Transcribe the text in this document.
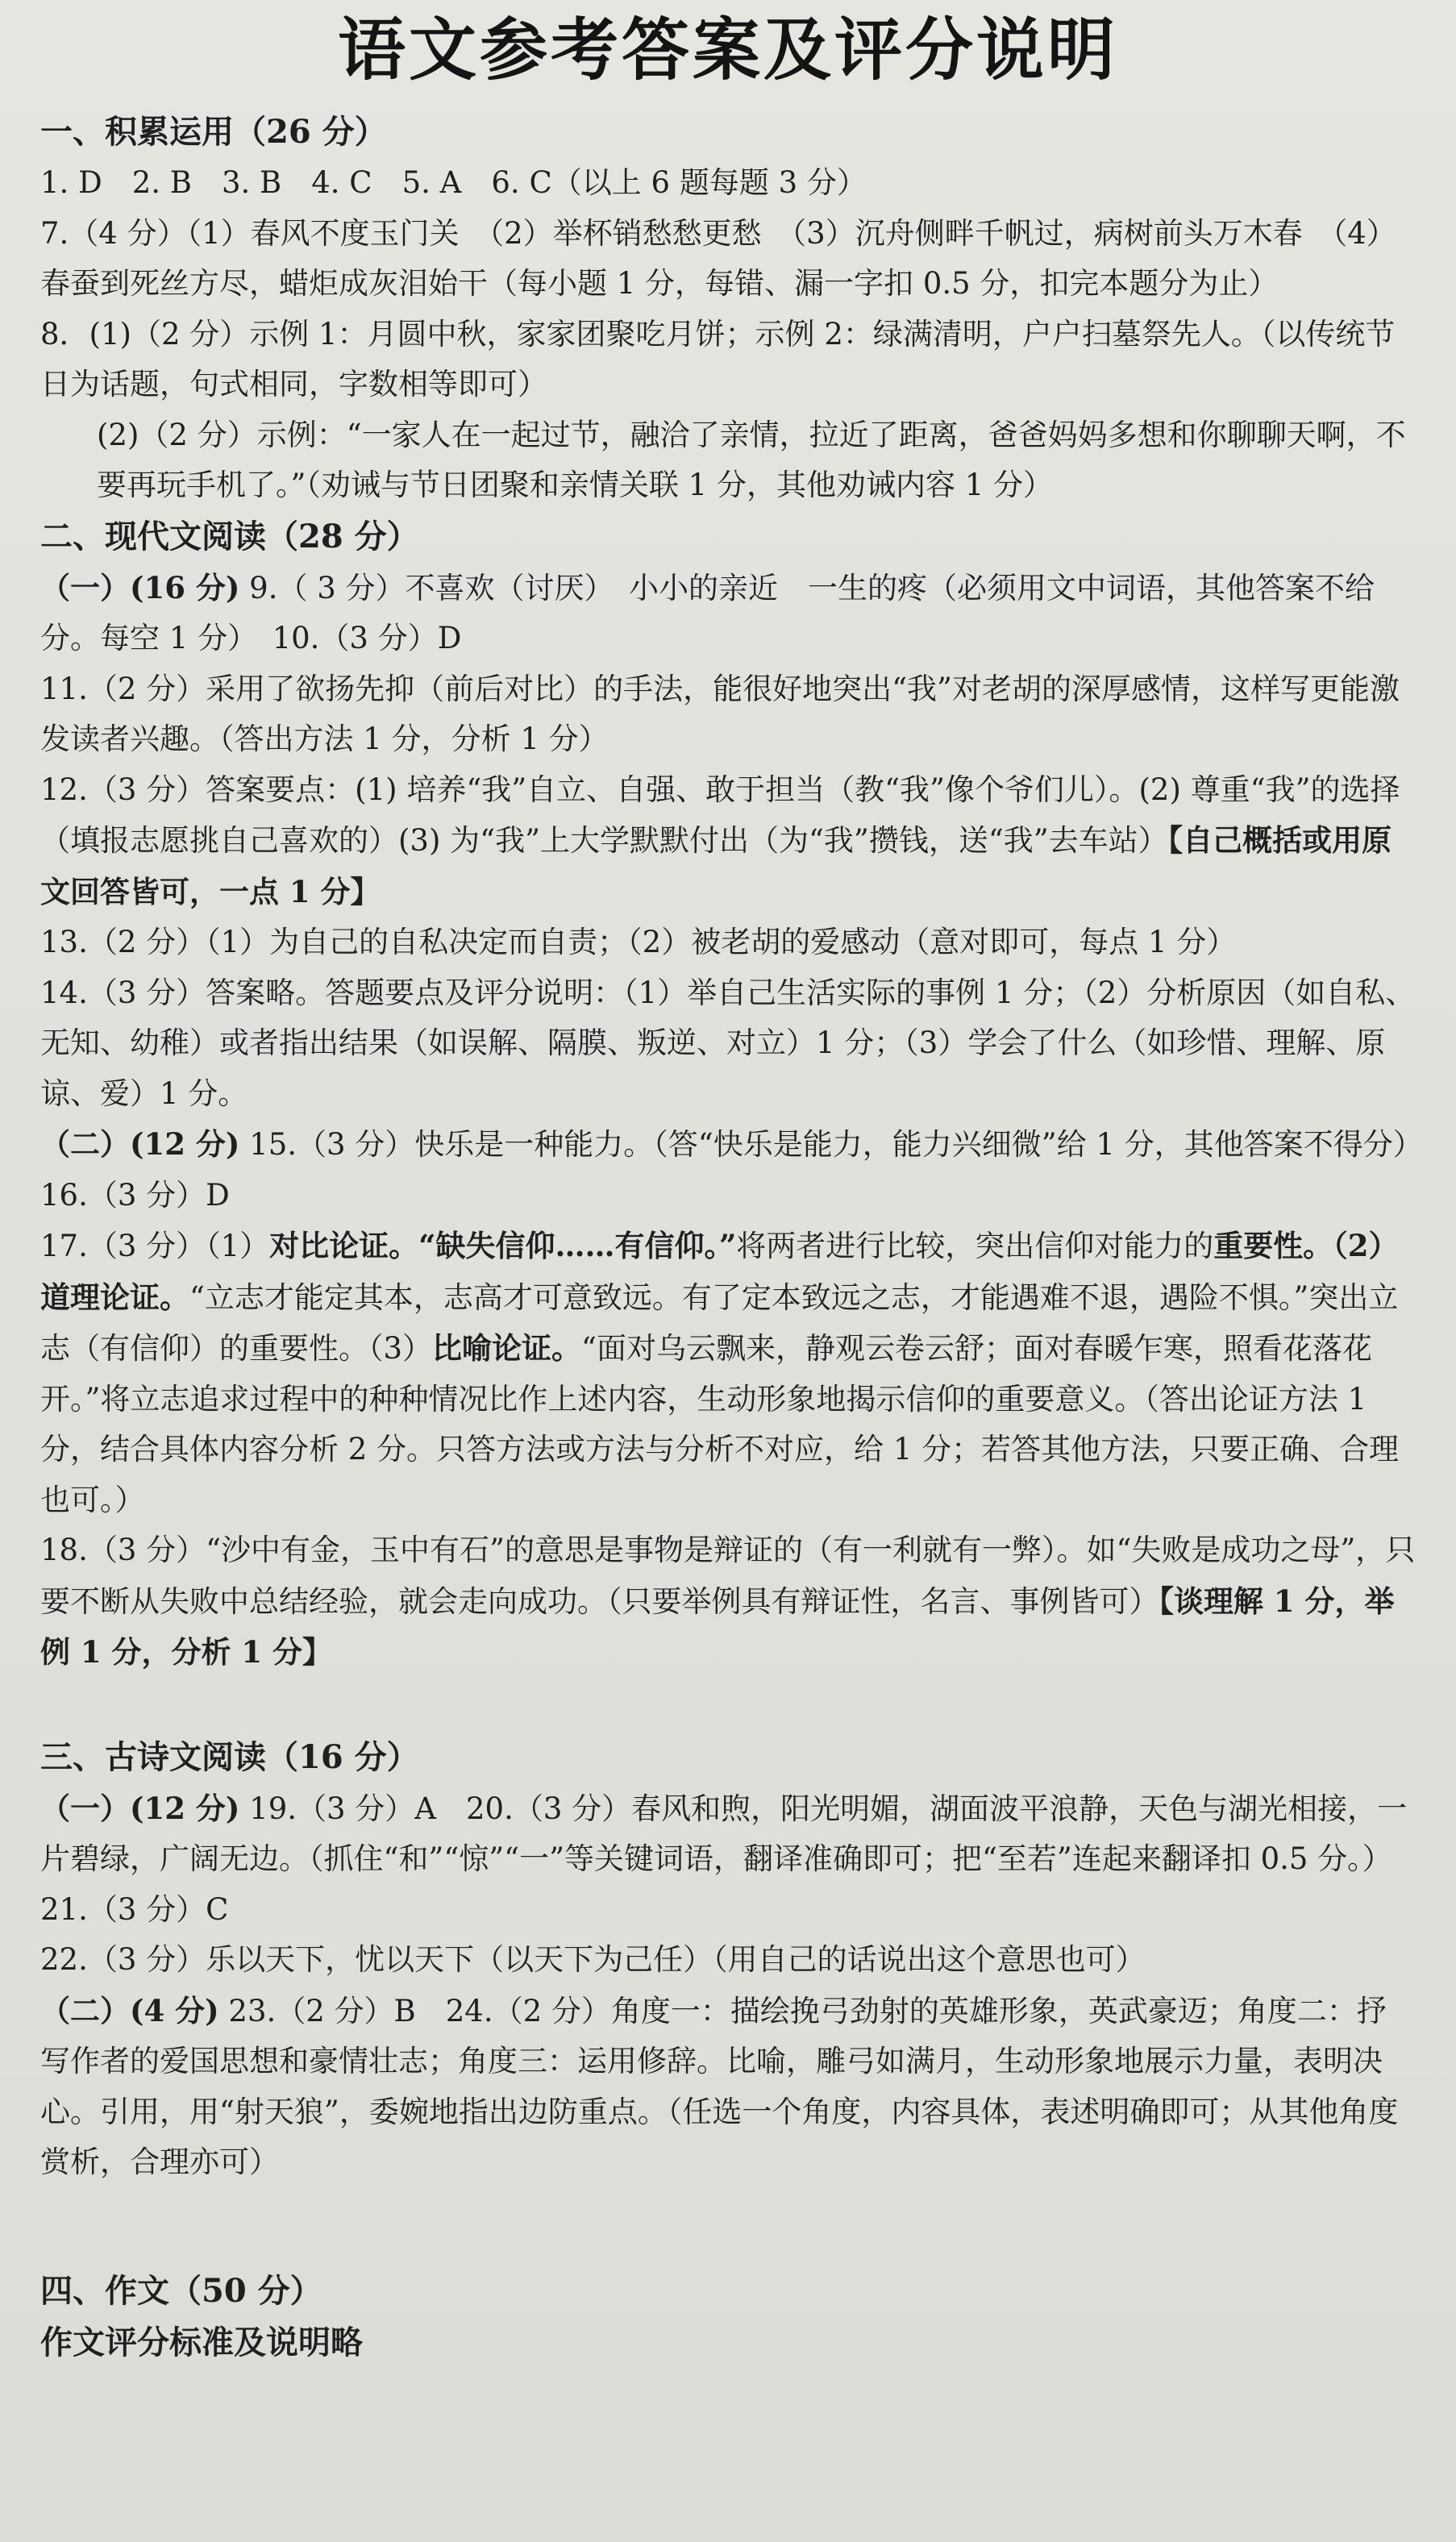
语文参考答案及评分说明

一、积累运用（26 分）

1. D　2. B　3. B　4. C　5. A　6. C（以上 6 题每题 3 分）

7.（4 分）（1）春风不度玉门关　（2）举杯销愁愁更愁　（3）沉舟侧畔千帆过，病树前头万木春　（4）春蚕到死丝方尽，蜡炬成灰泪始干（每小题 1 分，每错、漏一字扣 0.5 分，扣完本题分为止）

8．(1)（2 分）示例 1：月圆中秋，家家团聚吃月饼；示例 2：绿满清明，户户扫墓祭先人。（以传统节日为话题，句式相同，字数相等即可）

(2)（2 分）示例：“一家人在一起过节，融洽了亲情，拉近了距离，爸爸妈妈多想和你聊聊天啊，不要再玩手机了。”（劝诫与节日团聚和亲情关联 1 分，其他劝诫内容 1 分）

二、现代文阅读（28 分）

（一）(16 分) 9.（ 3 分）不喜欢（讨厌）　小小的亲近　一生的疼（必须用文中词语，其他答案不给分。每空 1 分）　10.（3 分）D

11.（2 分）采用了欲扬先抑（前后对比）的手法，能很好地突出“我”对老胡的深厚感情，这样写更能激发读者兴趣。（答出方法 1 分，分析 1 分）

12.（3 分）答案要点：(1) 培养“我”自立、自强、敢于担当（教“我”像个爷们儿）。(2) 尊重“我”的选择（填报志愿挑自己喜欢的）(3) 为“我”上大学默默付出（为“我”攒钱，送“我”去车站）【自己概括或用原文回答皆可，一点 1 分】

13.（2 分）（1）为自己的自私决定而自责；（2）被老胡的爱感动（意对即可，每点 1 分）

14.（3 分）答案略。答题要点及评分说明：（1）举自己生活实际的事例 1 分；（2）分析原因（如自私、无知、幼稚）或者指出结果（如误解、隔膜、叛逆、对立）1 分；（3）学会了什么（如珍惜、理解、原谅、爱）1 分。

（二）(12 分) 15.（3 分）快乐是一种能力。（答“快乐是能力，能力兴细微”给 1 分，其他答案不得分）　16.（3 分）D

17.（3 分）（1）对比论证。“缺失信仰……有信仰。”将两者进行比较，突出信仰对能力的重要性。（2）道理论证。“立志才能定其本，志高才可意致远。有了定本致远之志，才能遇难不退，遇险不惧。”突出立志（有信仰）的重要性。（3）比喻论证。“面对乌云飘来，静观云卷云舒；面对春暖乍寒，照看花落花开。”将立志追求过程中的种种情况比作上述内容，生动形象地揭示信仰的重要意义。（答出论证方法 1 分，结合具体内容分析 2 分。只答方法或方法与分析不对应，给 1 分；若答其他方法，只要正确、合理也可。）

18.（3 分）“沙中有金，玉中有石”的意思是事物是辩证的（有一利就有一弊）。如“失败是成功之母”，只要不断从失败中总结经验，就会走向成功。（只要举例具有辩证性，名言、事例皆可）【谈理解 1 分，举例 1 分，分析 1 分】

三、古诗文阅读（16 分）

（一）(12 分) 19.（3 分）A　20.（3 分）春风和煦，阳光明媚，湖面波平浪静，天色与湖光相接，一片碧绿，广阔无边。（抓住“和”“惊”“一”等关键词语，翻译准确即可；把“至若”连起来翻译扣 0.5 分。）　21.（3 分）C

22.（3 分）乐以天下，忧以天下（以天下为己任）（用自己的话说出这个意思也可）

（二）(4 分) 23.（2 分）B　24.（2 分）角度一：描绘挽弓劲射的英雄形象，英武豪迈；角度二：抒写作者的爱国思想和豪情壮志；角度三：运用修辞。比喻，雕弓如满月，生动形象地展示力量，表明决心。引用，用“射天狼”，委婉地指出边防重点。（任选一个角度，内容具体，表述明确即可；从其他角度赏析，合理亦可）

四、作文（50 分）

作文评分标准及说明略
